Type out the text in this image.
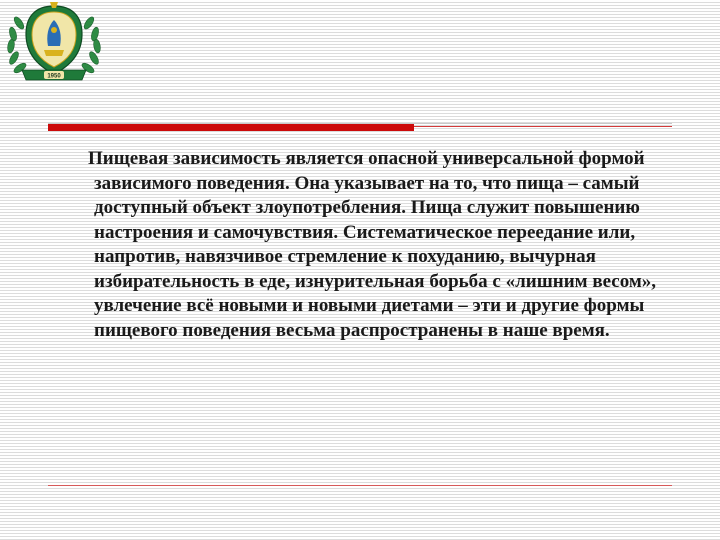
1950
Пищевая зависимость является опасной универсальной формой зависимого поведения. Она указывает на то, что пища – самый доступный объект злоупотребления. Пища служит повышению настроения и самочувствия. Систематическое переедание или, напротив, навязчивое стремление к похуданию, вычурная избирательность в еде, изнурительная борьба с «лишним весом», увлечение всё новыми и новыми диетами – эти и другие формы пищевого поведения весьма распространены в наше время.
